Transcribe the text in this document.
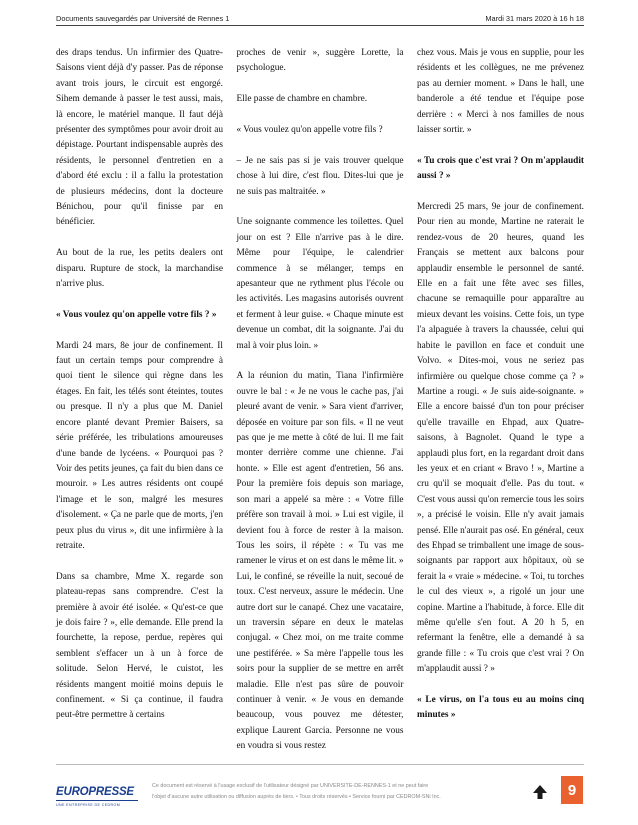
Documents sauvegardés par Université de Rennes 1	Mardi 31 mars 2020 à 16 h 18

des draps tendus. Un infirmier des Quatre-Saisons vient déjà d'y passer. Pas de réponse avant trois jours, le circuit est engorgé. Sihem demande à passer le test aussi, mais, là encore, le matériel manque. Il faut déjà présenter des symptômes pour avoir droit au dépistage. Pourtant indispensable auprès des résidents, le personnel d'entretien en a d'abord été exclu : il a fallu la protestation de plusieurs médecins, dont la docteure Bénichou, pour qu'il finisse par en bénéficier.

Au bout de la rue, les petits dealers ont disparu. Rupture de stock, la marchandise n'arrive plus.

« Vous voulez qu'on appelle votre fils ? »

Mardi 24 mars, 8e jour de confinement. Il faut un certain temps pour comprendre à quoi tient le silence qui règne dans les étages. En fait, les télés sont éteintes, toutes ou presque. Il n'y a plus que M. Daniel encore planté devant Premier Baisers, sa série préférée, les tribulations amoureuses d'une bande de lycéens. « Pourquoi pas ? Voir des petits jeunes, ça fait du bien dans ce mouroir. » Les autres résidents ont coupé l'image et le son, malgré les mesures d'isolement. « Ça ne parle que de morts, j'en peux plus du virus », dit une infirmière à la retraite.

Dans sa chambre, Mme X. regarde son plateau-repas sans comprendre. C'est la première à avoir été isolée. « Qu'est-ce que je dois faire ? », elle demande. Elle prend la fourchette, la repose, perdue, repères qui semblent s'effacer un à un à force de solitude. Selon Hervé, le cuistot, les résidents mangent moitié moins depuis le confinement. « Si ça continue, il faudra peut-être permettre à certains

proches de venir », suggère Lorette, la psychologue.

Elle passe de chambre en chambre.

« Vous voulez qu'on appelle votre fils ?

– Je ne sais pas si je vais trouver quelque chose à lui dire, c'est flou. Dites-lui que je ne suis pas maltraitée. »

Une soignante commence les toilettes. Quel jour on est ? Elle n'arrive pas à le dire. Même pour l'équipe, le calendrier commence à se mélanger, temps en apesanteur que ne rythment plus l'école ou les activités. Les magasins autorisés ouvrent et ferment à leur guise. « Chaque minute est devenue un combat, dit la soignante. J'ai du mal à voir plus loin. »

A la réunion du matin, Tiana l'infirmière ouvre le bal : « Je ne vous le cache pas, j'ai pleuré avant de venir. » Sara vient d'arriver, déposée en voiture par son fils. « Il ne veut pas que je me mette à côté de lui. Il me fait monter derrière comme une chienne. J'ai honte. » Elle est agent d'entretien, 56 ans. Pour la première fois depuis son mariage, son mari a appelé sa mère : « Votre fille préfère son travail à moi. » Lui est vigile, il devient fou à force de rester à la maison. Tous les soirs, il répète : « Tu vas me ramener le virus et on est dans le même lit. » Lui, le confiné, se réveille la nuit, secoué de toux. C'est nerveux, assure le médecin. Une autre dort sur le canapé. Chez une vacataire, un traversin sépare en deux le matelas conjugal. « Chez moi, on me traite comme une pestiférée. » Sa mère l'appelle tous les soirs pour la supplier de se mettre en arrêt maladie. Elle n'est pas sûre de pouvoir continuer à venir. « Je vous en demande beaucoup, vous pouvez me détester, explique Laurent Garcia. Personne ne vous en voudra si vous restez

chez vous. Mais je vous en supplie, pour les résidents et les collègues, ne me prévenez pas au dernier moment. » Dans le hall, une banderole a été tendue et l'équipe pose derrière : « Merci à nos familles de nous laisser sortir. »

« Tu crois que c'est vrai ? On m'applaudit aussi ? »

Mercredi 25 mars, 9e jour de confinement. Pour rien au monde, Martine ne raterait le rendez-vous de 20 heures, quand les Français se mettent aux balcons pour applaudir ensemble le personnel de santé. Elle en a fait une fête avec ses filles, chacune se remaquille pour apparaître au mieux devant les voisins. Cette fois, un type l'a alpaguée à travers la chaussée, celui qui habite le pavillon en face et conduit une Volvo. « Dites-moi, vous ne seriez pas infirmière ou quelque chose comme ça ? » Martine a rougi. « Je suis aide-soignante. » Elle a encore baissé d'un ton pour préciser qu'elle travaille en Ehpad, aux Quatre-saisons, à Bagnolet. Quand le type a applaudi plus fort, en la regardant droit dans les yeux et en criant « Bravo ! », Martine a cru qu'il se moquait d'elle. Pas du tout. « C'est vous aussi qu'on remercie tous les soirs », a précisé le voisin. Elle n'y avait jamais pensé. Elle n'aurait pas osé. En général, ceux des Ehpad se trimballent une image de sous-soignants par rapport aux hôpitaux, où se ferait la « vraie » médecine. « Toi, tu torches le cul des vieux », a rigolé un jour une copine. Martine a l'habitude, à force. Elle dit même qu'elle s'en fout. A 20 h 5, en refermant la fenêtre, elle a demandé à sa grande fille : « Tu crois que c'est vrai ? On m'applaudit aussi ? »

« Le virus, on l'a tous eu au moins cinq minutes »

EUROPRESSE
UNE ENTREPRISE DE CEDROM
Ce document est réservé à l'usage exclusif de l'utilisateur désigné par UNIVERSITE-DE-RENNES-1 et ne peut faire
l'objet d'aucune autre utilisation ou diffusion auprès de tiers. • Tous droits réservés • Service fourni par CEDROM-SNi Inc.	9
